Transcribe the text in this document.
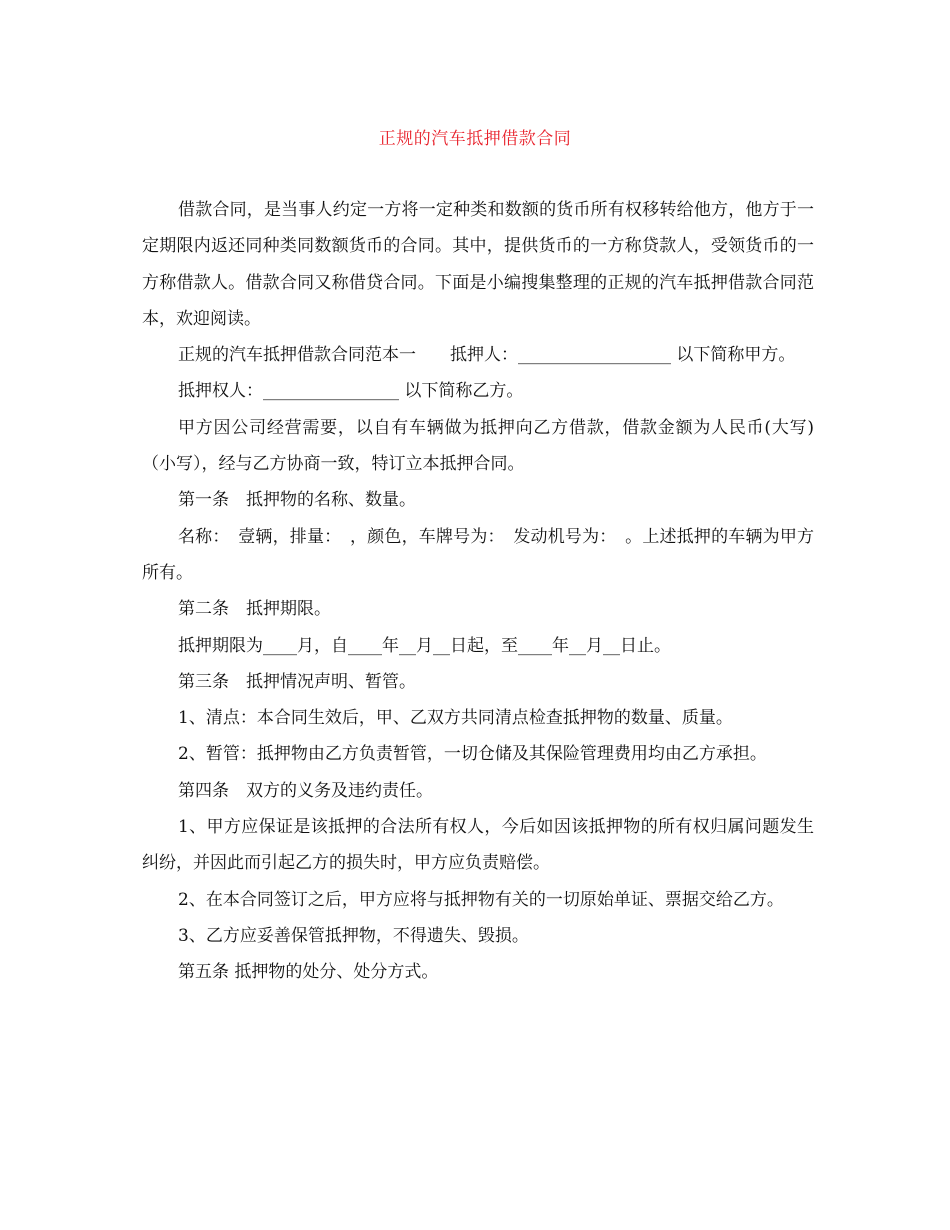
正规的汽车抵押借款合同

借款合同，是当事人约定一方将一定种类和数额的货币所有权移转给他方，他方于一定期限内返还同种类同数额货币的合同。其中，提供货币的一方称贷款人，受领货币的一方称借款人。借款合同又称借贷合同。下面是小编搜集整理的正规的汽车抵押借款合同范本，欢迎阅读。

正规的汽车抵押借款合同范本一　　抵押人：__________________ 以下简称甲方。

抵押权人：________________ 以下简称乙方。

甲方因公司经营需要，以自有车辆做为抵押向乙方借款，借款金额为人民币(大写)（小写），经与乙方协商一致，特订立本抵押合同。

第一条　抵押物的名称、数量。

名称：　壹辆，排量：　，颜色，车牌号为：　发动机号为：　。上述抵押的车辆为甲方所有。

第二条　抵押期限。

抵押期限为____月，自____年__月__日起，至____年__月__日止。

第三条　抵押情况声明、暂管。

1、清点：本合同生效后，甲、乙双方共同清点检查抵押物的数量、质量。

2、暂管：抵押物由乙方负责暂管，一切仓储及其保险管理费用均由乙方承担。

第四条　双方的义务及违约责任。

1、甲方应保证是该抵押的合法所有权人，今后如因该抵押物的所有权归属问题发生纠纷，并因此而引起乙方的损失时，甲方应负责赔偿。

2、在本合同签订之后，甲方应将与抵押物有关的一切原始单证、票据交给乙方。

3、乙方应妥善保管抵押物，不得遗失、毁损。

第五条 抵押物的处分、处分方式。
